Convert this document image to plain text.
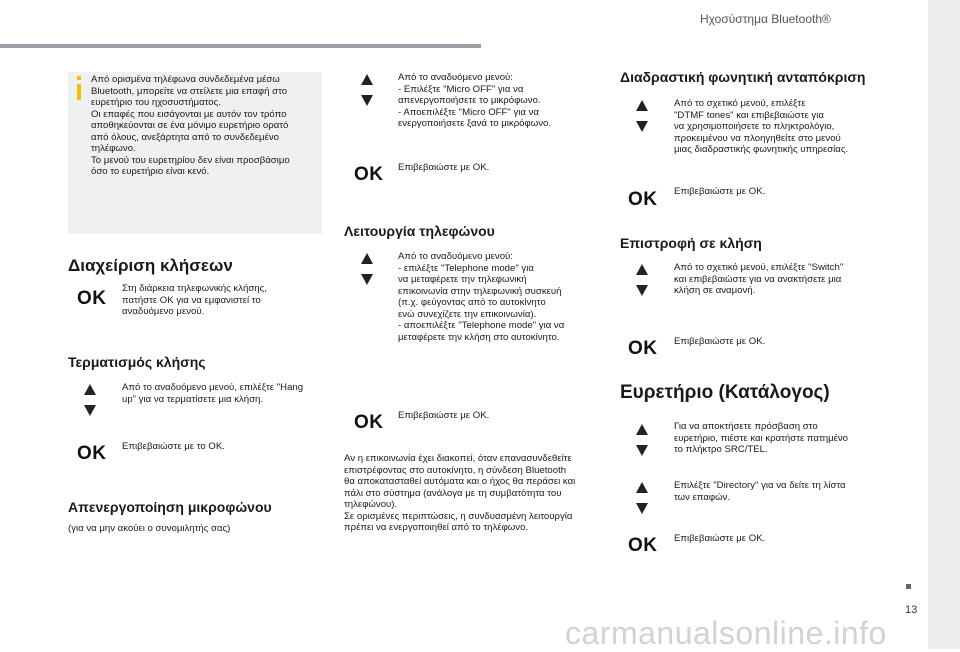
Ηχοσύστημα Bluetooth®
13
carmanualsonline.info
Από ορισμένα τηλέφωνα συνδεδεμένα μέσω
Bluetooth, μπορείτε να στείλετε μια επαφή στο
ευρετήριο του ηχοσυστήματος.
Οι επαφές που εισάγονται με αυτόν τον τρόπο
αποθηκεύονται σε ένα μόνιμο ευρετήριο ορατό
από όλους, ανεξάρτητα από το συνδεδεμένο
τηλέφωνο.
Το μενού του ευρετηρίου δεν είναι προσβάσιμο
όσο το ευρετήριο είναι κενό.
Διαχείριση κλήσεων
OK Στη διάρκεια τηλεφωνικής κλήσης,
πατήστε OK για να εμφανιστεί το
αναδυόμενο μενού.
Τερματισμός κλήσης
Από το αναδυόμενο μενού, επιλέξτε "Hang
up" για να τερματίσετε μια κλήση.
OK Επιβεβαιώστε με το OK.
Απενεργοποίηση μικροφώνου
(για να μην ακούει ο συνομιλητής σας)
Από το αναδυόμενο μενού:
- Επιλέξτε "Micro OFF" για να
απενεργοποιήσετε το μικρόφωνο.
- Αποεπιλέξτε "Micro OFF" για να
ενεργοποιήσετε ξανά το μικρόφωνο.
OK Επιβεβαιώστε με OK.
Λειτουργία τηλεφώνου
Από το αναδυόμενο μενού:
- επιλέξτε "Telephone mode" για
να μεταφέρετε την τηλεφωνική
επικοινωνία στην τηλεφωνική συσκευή
(π.χ. φεύγοντας από το αυτοκίνητο
ενώ συνεχίζετε την επικοινωνία).
- αποεπιλέξτε "Telephone mode" για να
μεταφέρετε την κλήση στο αυτοκίνητο.
OK Επιβεβαιώστε με OK.
Αν η επικοινωνία έχει διακοπεί, όταν επανασυνδεθείτε
επιστρέφοντας στο αυτοκίνητο, η σύνδεση Bluetooth
θα αποκατασταθεί αυτόματα και ο ήχος θα περάσει και
πάλι στο σύστημα (ανάλογα με τη συμβατότητα του
τηλεφώνου).
Σε ορισμένες περιπτώσεις, η συνδυασμένη λειτουργία
πρέπει να ενεργοποιηθεί από το τηλέφωνο.
Διαδραστική φωνητική ανταπόκριση
Από το σχετικό μενού, επιλέξτε
"DTMF tones" και επιβεβαιώστε για
να χρησιμοποιήσετε το πληκτρολόγιο,
προκειμένου να πλοηγηθείτε στο μενού
μιας διαδραστικής φωνητικής υπηρεσίας.
OK Επιβεβαιώστε με OK.
Επιστροφή σε κλήση
Από το σχετικό μενού, επιλέξτε "Switch"
και επιβεβαιώστε για να ανακτήσετε μια
κλήση σε αναμονή.
OK Επιβεβαιώστε με OK.
Ευρετήριο (Κατάλογος)
Για να αποκτήσετε πρόσβαση στο
ευρετήριο, πιέστε και κρατήστε πατημένο
το πλήκτρο SRC/TEL.
Επιλέξτε "Directory" για να δείτε τη λίστα
των επαφών.
OK Επιβεβαιώστε με OK.
